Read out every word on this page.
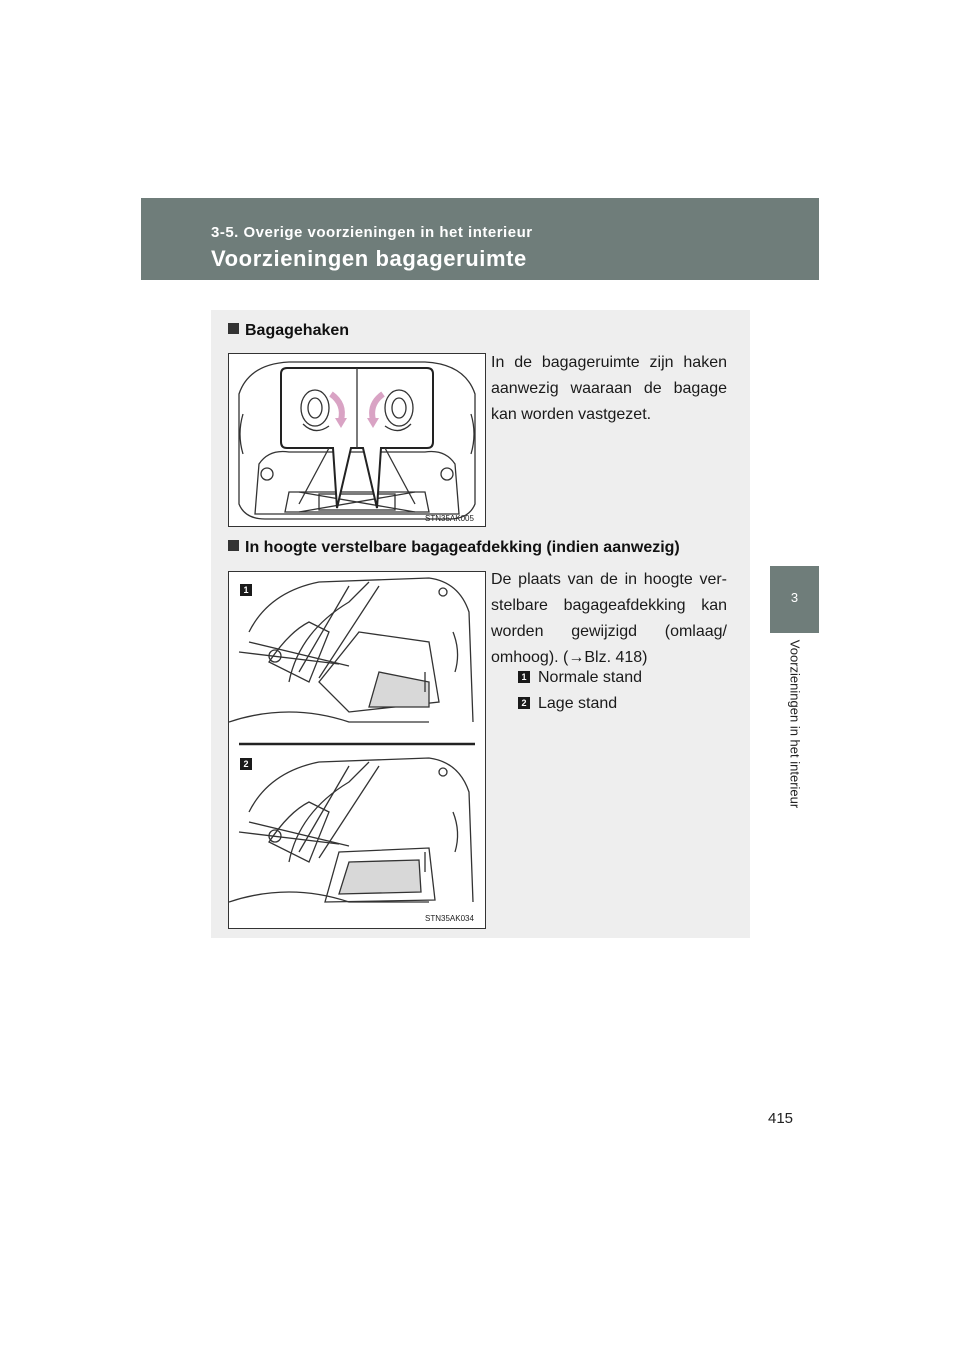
3-5. Overige voorzieningen in het interieur
Voorzieningen bagageruimte
3
Voorzieningen in het interieur
Bagagehaken
STN35AK005
In de bagageruimte zijn haken aanwezig waaraan de bagage kan worden vastgezet.
In hoogte verstelbare bagageafdekking (indien aanwezig)
1
2
STN35AK034
De plaats van de in hoogte ver-stelbare bagageafdekking kan worden gewijzigd (omlaag/ omhoog). (→Blz. 418)
1 Normale stand
2 Lage stand
415
